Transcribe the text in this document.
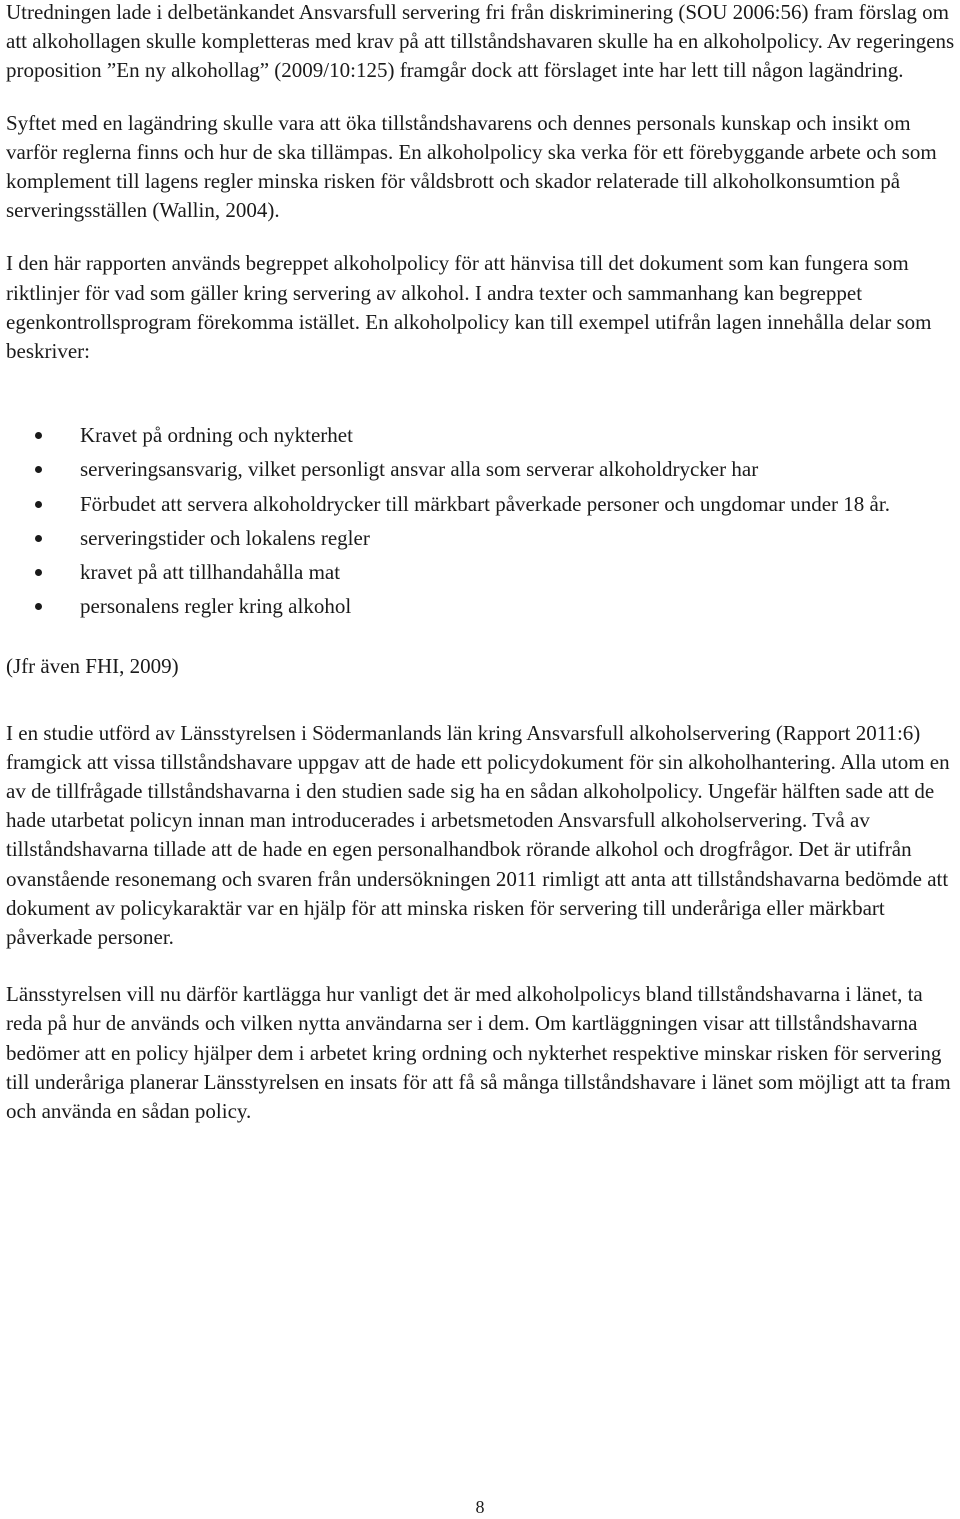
Utredningen lade i delbetänkandet Ansvarsfull servering fri från diskriminering (SOU 2006:56) fram förslag om att alkohollagen skulle kompletteras med krav på att tillståndshavaren skulle ha en alkoholpolicy. Av regeringens proposition ”En ny alkohollag” (2009/10:125) framgår dock att förslaget inte har lett till någon lagändring.

Syftet med en lagändring skulle vara att öka tillståndshavarens och dennes personals kunskap och insikt om varför reglerna finns och hur de ska tillämpas. En alkoholpolicy ska verka för ett förebyggande arbete och som komplement till lagens regler minska risken för våldsbrott och skador relaterade till alkoholkonsumtion på serveringsställen (Wallin, 2004).

I den här rapporten används begreppet alkoholpolicy för att hänvisa till det dokument som kan fungera som riktlinjer för vad som gäller kring servering av alkohol. I andra texter och sammanhang kan begreppet egenkontrollsprogram förekomma istället. En alkoholpolicy kan till exempel utifrån lagen innehålla delar som beskriver:

Kravet på ordning och nykterhet
serveringsansvarig, vilket personligt ansvar alla som serverar alkoholdrycker har
Förbudet att servera alkoholdrycker till märkbart påverkade personer och ungdomar under 18 år.
serveringstider och lokalens regler
kravet på att tillhandahålla mat
personalens regler kring alkohol

(Jfr även FHI, 2009)

I en studie utförd av Länsstyrelsen i Södermanlands län kring Ansvarsfull alkoholservering (Rapport 2011:6) framgick att vissa tillståndshavare uppgav att de hade ett policydokument för sin alkoholhantering. Alla utom en av de tillfrågade tillståndshavarna i den studien sade sig ha en sådan alkoholpolicy. Ungefär hälften sade att de hade utarbetat policyn innan man introducerades i arbetsmetoden Ansvarsfull alkoholservering. Två av tillståndshavarna tillade att de hade en egen personalhandbok rörande alkohol och drogfrågor. Det är utifrån ovanstående resonemang och svaren från undersökningen 2011 rimligt att anta att tillståndshavarna bedömde att dokument av policykaraktär var en hjälp för att minska risken för servering till underåriga eller märkbart påverkade personer.

Länsstyrelsen vill nu därför kartlägga hur vanligt det är med alkoholpolicys bland tillståndshavarna i länet, ta reda på hur de används och vilken nytta användarna ser i dem. Om kartläggningen visar att tillståndshavarna bedömer att en policy hjälper dem i arbetet kring ordning och nykterhet respektive minskar risken för servering till underåriga planerar Länsstyrelsen en insats för att få så många tillståndshavare i länet som möjligt att ta fram och använda en sådan policy.

8
